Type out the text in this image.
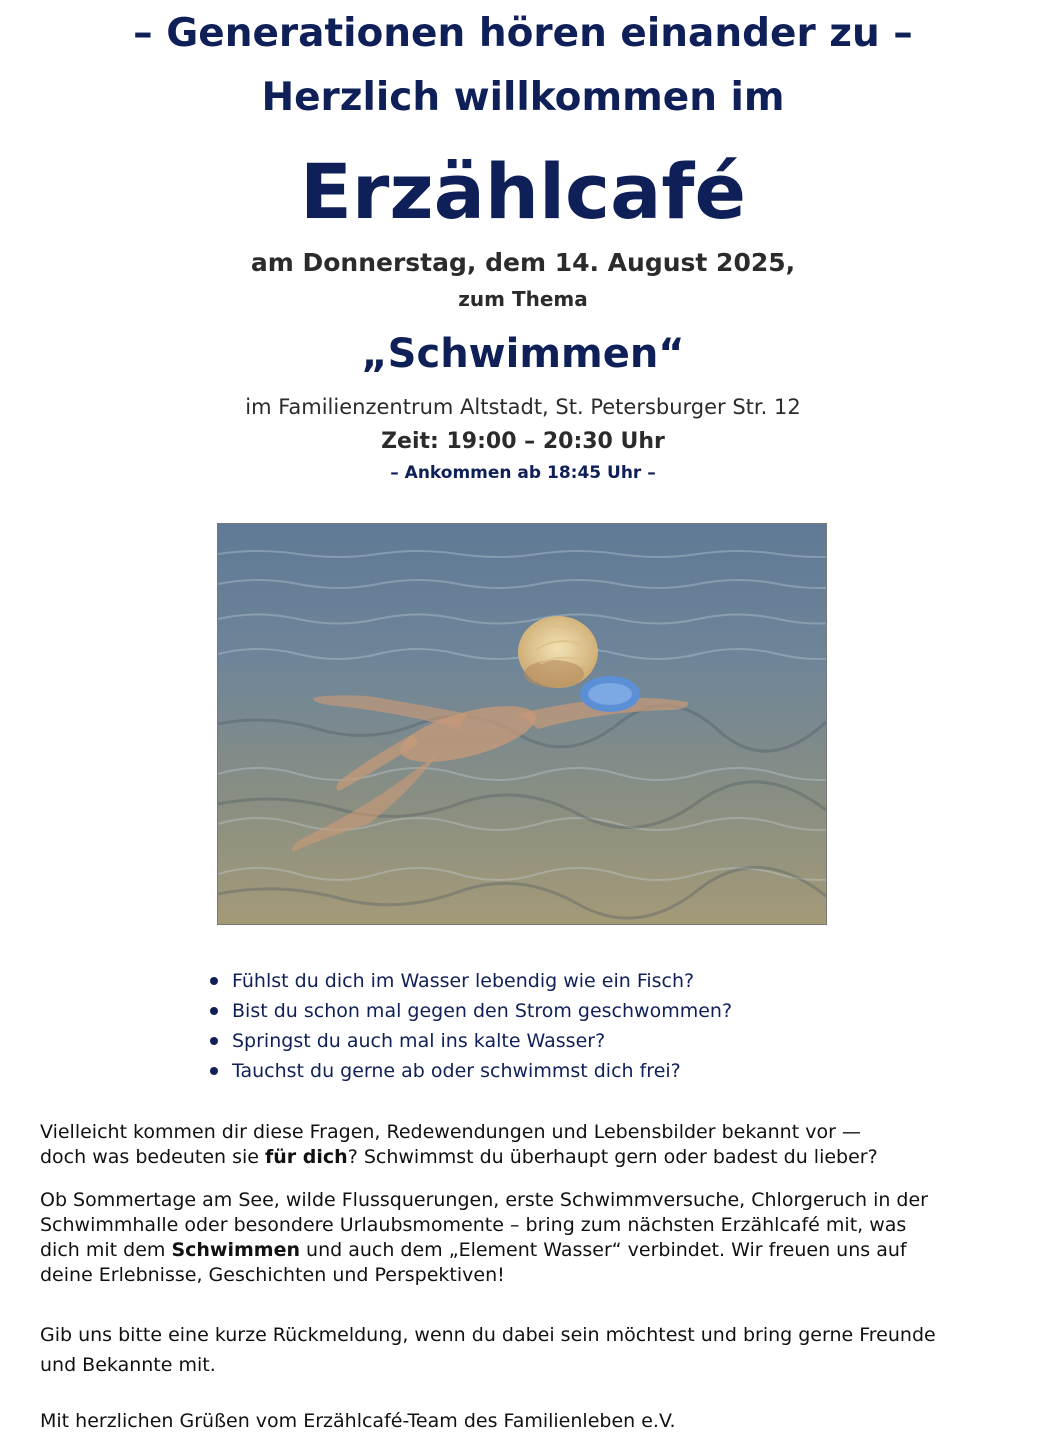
– Generationen hören einander zu –
Herzlich willkommen im
Erzählcafé
am Donnerstag, dem 14. August 2025,
zum Thema
„Schwimmen“
im Familienzentrum Altstadt, St. Petersburger Str. 12
Zeit: 19:00 – 20:30 Uhr
– Ankommen ab 18:45 Uhr –
Fühlst du dich im Wasser lebendig wie ein Fisch?
Bist du schon mal gegen den Strom geschwommen?
Springst du auch mal ins kalte Wasser?
Tauchst du gerne ab oder schwimmst dich frei?
Vielleicht kommen dir diese Fragen, Redewendungen und Lebensbilder bekannt vor —
doch was bedeuten sie für dich? Schwimmst du überhaupt gern oder badest du lieber?
Ob Sommertage am See, wilde Flussquerungen, erste Schwimmversuche, Chlorgeruch in der
Schwimmhalle oder besondere Urlaubsmomente – bring zum nächsten Erzählcafé mit, was
dich mit dem Schwimmen und auch dem „Element Wasser“ verbindet. Wir freuen uns auf
deine Erlebnisse, Geschichten und Perspektiven!
Gib uns bitte eine kurze Rückmeldung, wenn du dabei sein möchtest und bring gerne Freunde
und Bekannte mit.
Mit herzlichen Grüßen vom Erzählcafé-Team des Familienleben e.V.
